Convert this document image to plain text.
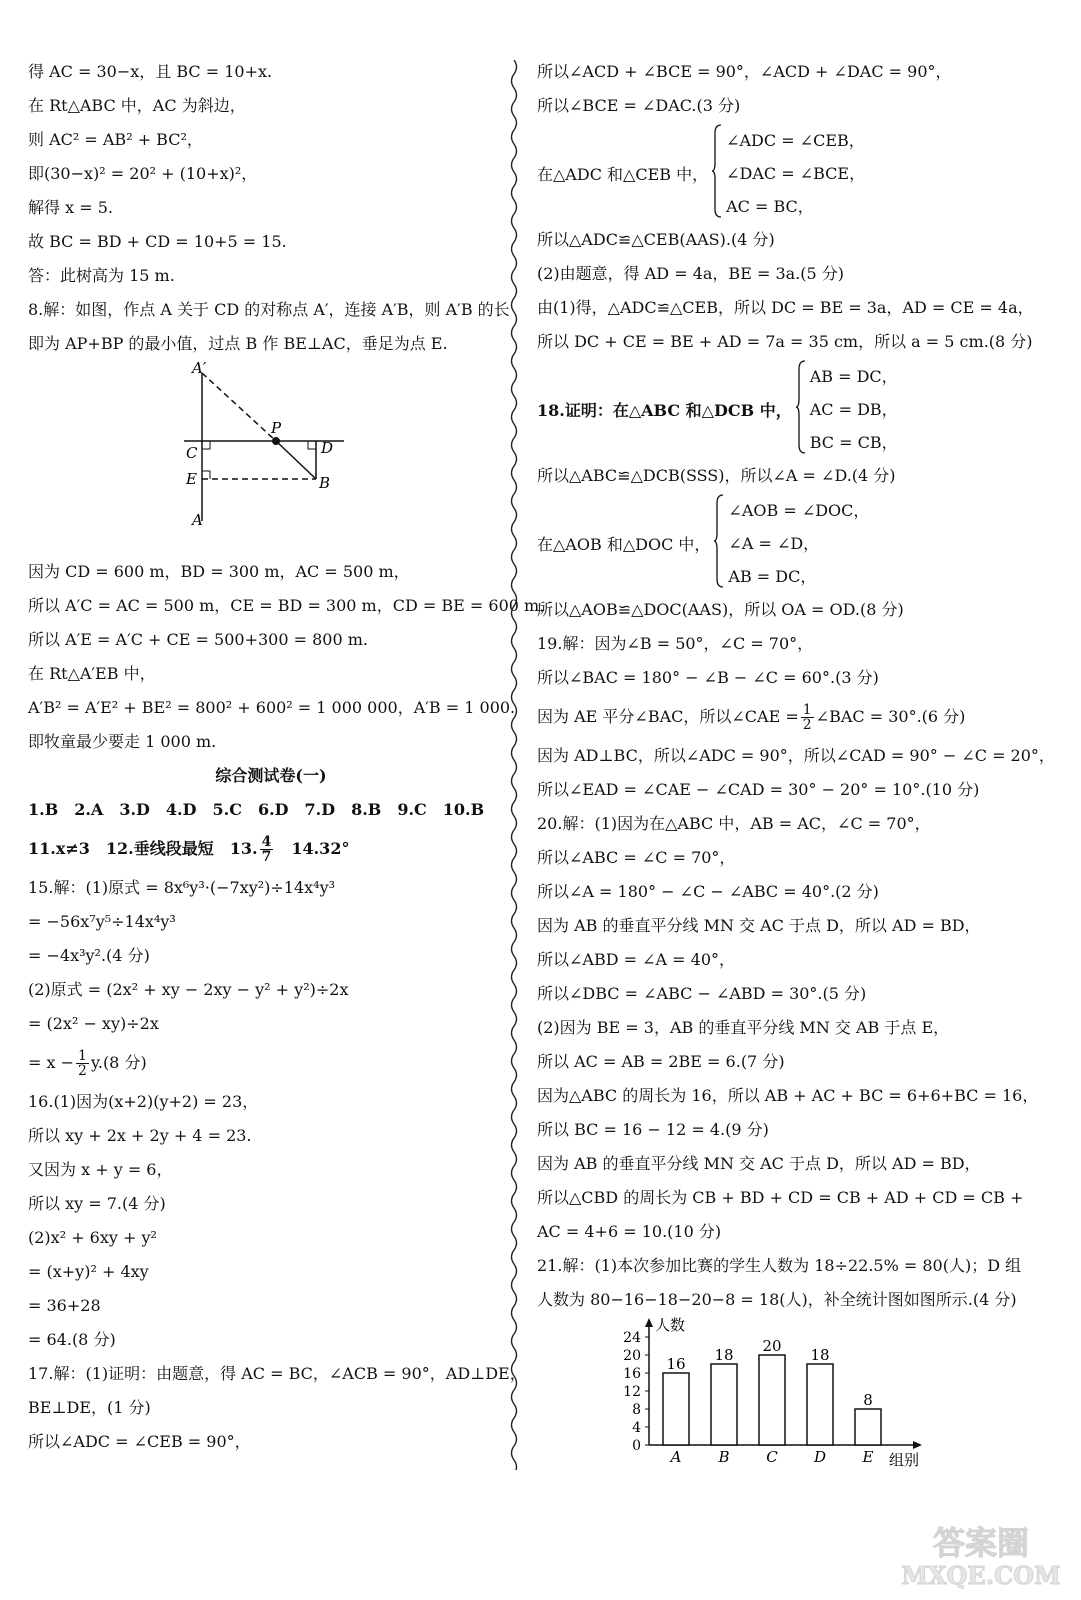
得 AC = 30−x，且 BC = 10+x.
在 Rt△ABC 中，AC 为斜边，
则 AC² = AB² + BC²，
即(30−x)² = 20² + (10+x)²，
解得 x = 5.
故 BC = BD + CD = 10+5 = 15.
答：此树高为 15 m.
8.解：如图，作点 A 关于 CD 的对称点 A′，连接 A′B，则 A′B 的长
即为 AP+BP 的最小值，过点 B 作 BE⊥AC，垂足为点 E.
A′
P
C	D
E	B
A
因为 CD = 600 m，BD = 300 m，AC = 500 m，
所以 A′C = AC = 500 m，CE = BD = 300 m，CD = BE = 600 m，
所以 A′E = A′C + CE = 500+300 = 800 m.
在 Rt△A′EB 中，
A′B² = A′E² + BE² = 800² + 600² = 1 000 000，A′B = 1 000.
即牧童最少要走 1 000 m.
综合测试卷(一)
1.B　2.A　3.D　4.D　5.C　6.D　7.D　8.B　9.C　10.B
11.x≠3　12.垂线段最短　13. $\frac{4}{7}$ 　14.32°
15.解：(1)原式 = 8x⁶y³·(−7xy²)÷14x⁴y³
= −56x⁷y⁵÷14x⁴y³
= −4x³y².(4 分)
(2)原式 = (2x² + xy − 2xy − y² + y²)÷2x
= (2x² − xy)÷2x
= $x - \frac{1}{2} y.(8$ 分)
16.(1)因为(x+2)(y+2) = 23，
所以 xy + 2x + 2y + 4 = 23.
又因为 x + y = 6，
所以 xy = 7.(4 分)
(2)x² + 6xy + y²
= (x+y)² + 4xy
= 36+28
= 64.(8 分)
17.解：(1)证明：由题意，得 AC = BC，∠ACB = 90°，AD⊥DE，
BE⊥DE，(1 分)
所以∠ADC = ∠CEB = 90°，
所以∠ACD + ∠BCE = 90°，∠ACD + ∠DAC = 90°，
所以∠BCE = ∠DAC.(3 分)
在△ADC 和△CEB 中，
∠ADC = ∠CEB，
∠DAC = ∠BCE，
AC = BC，
所以△ADC≌△CEB(AAS).(4 分)
(2)由题意，得 AD = 4a，BE = 3a.(5 分)
由(1)得，△ADC≌△CEB，所以 DC = BE = 3a，AD = CE = 4a，
所以 DC + CE = BE + AD = 7a = 35 cm，所以 a = 5 cm.(8 分)
18.证明：在△ABC 和△DCB 中，
AB = DC，
AC = DB，
BC = CB，
所以△ABC≌△DCB(SSS)，所以∠A = ∠D.(4 分)
在△AOB 和△DOC 中，
∠AOB = ∠DOC，
∠A = ∠D，
AB = DC，
所以△AOB≌△DOC(AAS)，所以 OA = OD.(8 分)
19.解：因为∠B = 50°，∠C = 70°，
所以∠BAC = 180° − ∠B − ∠C = 60°.(3 分)
因为 AE 平分∠BAC，所以∠CAE = $\frac{1}{2}$ ∠BAC = 30°.(6 分)
因为 AD⊥BC，所以∠ADC = 90°，所以∠CAD = 90° − ∠C = 20°，
所以∠EAD = ∠CAE − ∠CAD = 30° − 20° = 10°.(10 分)
20.解：(1)因为在△ABC 中，AB = AC，∠C = 70°，
所以∠ABC = ∠C = 70°，
所以∠A = 180° − ∠C − ∠ABC = 40°.(2 分)
因为 AB 的垂直平分线 MN 交 AC 于点 D，所以 AD = BD，
所以∠ABD = ∠A = 40°，
所以∠DBC = ∠ABC − ∠ABD = 30°.(5 分)
(2)因为 BE = 3，AB 的垂直平分线 MN 交 AB 于点 E，
所以 AC = AB = 2BE = 6.(7 分)
因为△ABC 的周长为 16，所以 AB + AC + BC = 6+6+BC = 16，
所以 BC = 16 − 12 = 4.(9 分)
因为 AB 的垂直平分线 MN 交 AC 于点 D，所以 AD = BD，
所以△CBD 的周长为 CB + BD + CD = CB + AD + CD = CB +
AC = 4+6 = 10.(10 分)
21.解：(1)本次参加比赛的学生人数为 18÷22.5% = 80(人)；D 组
人数为 80−16−18−20−8 = 18(人)，补全统计图如图所示.(4 分)
人数
组别
0
4
8
12
16
20
24
16
A
18
B
20
C
18
D
8
E
答案圈
MXQE.COM
